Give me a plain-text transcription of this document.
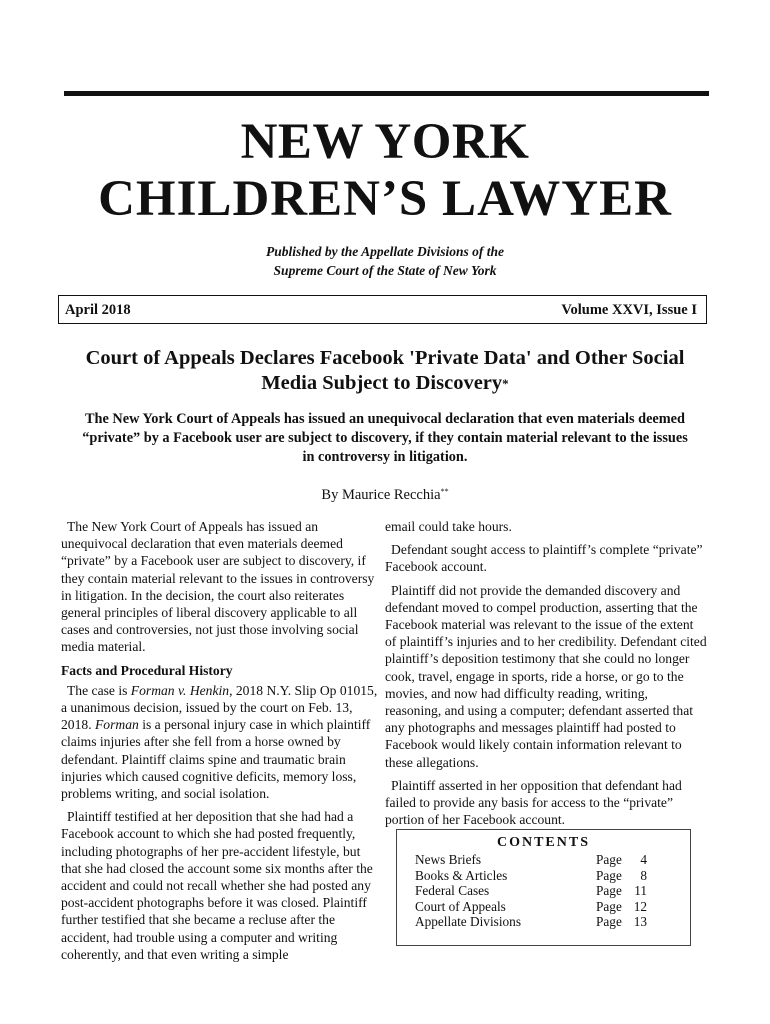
NEW YORK
CHILDREN’S LAWYER
Published by the Appellate Divisions of the
Supreme Court of the State of New York
April 2018	Volume XXVI, Issue I
Court of Appeals Declares Facebook 'Private Data' and Other Social
Media Subject to Discovery*
The New York Court of Appeals has issued an unequivocal declaration that even materials deemed
“private” by a Facebook user are subject to discovery, if they contain material relevant to the issues
in controversy in litigation.
By Maurice Recchia**

The New York Court of Appeals has issued an unequivocal declaration that even materials deemed “private” by a Facebook user are subject to discovery, if they contain material relevant to the issues in controversy in litigation. In the decision, the court also reiterates general principles of liberal discovery applicable to all cases and controversies, not just those involving social media material.

Facts and Procedural History

The case is Forman v. Henkin, 2018 N.Y. Slip Op 01015, a unanimous decision, issued by the court on Feb. 13, 2018. Forman is a personal injury case in which plaintiff claims injuries after she fell from a horse owned by defendant. Plaintiff claims spine and traumatic brain injuries which caused cognitive deficits, memory loss, problems writing, and social isolation.

Plaintiff testified at her deposition that she had had a Facebook account to which she had posted frequently, including photographs of her pre-accident lifestyle, but that she had closed the account some six months after the accident and could not recall whether she had posted any post-accident photographs before it was closed. Plaintiff further testified that she became a recluse after the accident, had trouble using a computer and writing coherently, and that even writing a simple

email could take hours.

Defendant sought access to plaintiff’s complete “private” Facebook account.

Plaintiff did not provide the demanded discovery and defendant moved to compel production, asserting that the Facebook material was relevant to the issue of the extent of plaintiff’s injuries and to her credibility. Defendant cited plaintiff’s deposition testimony that she could no longer cook, travel, engage in sports, ride a horse, or go to the movies, and now had difficulty reading, writing, reasoning, and using a computer; defendant asserted that any photographs and messages plaintiff had posted to Facebook would likely contain information relevant to these allegations.

Plaintiff asserted in her opposition that defendant had failed to provide any basis for access to the “private” portion of her Facebook account.

CONTENTS
News Briefs	Page	4
Books & Articles	Page	8
Federal Cases	Page 11
Court of Appeals	Page 12
Appellate Divisions	Page 13
